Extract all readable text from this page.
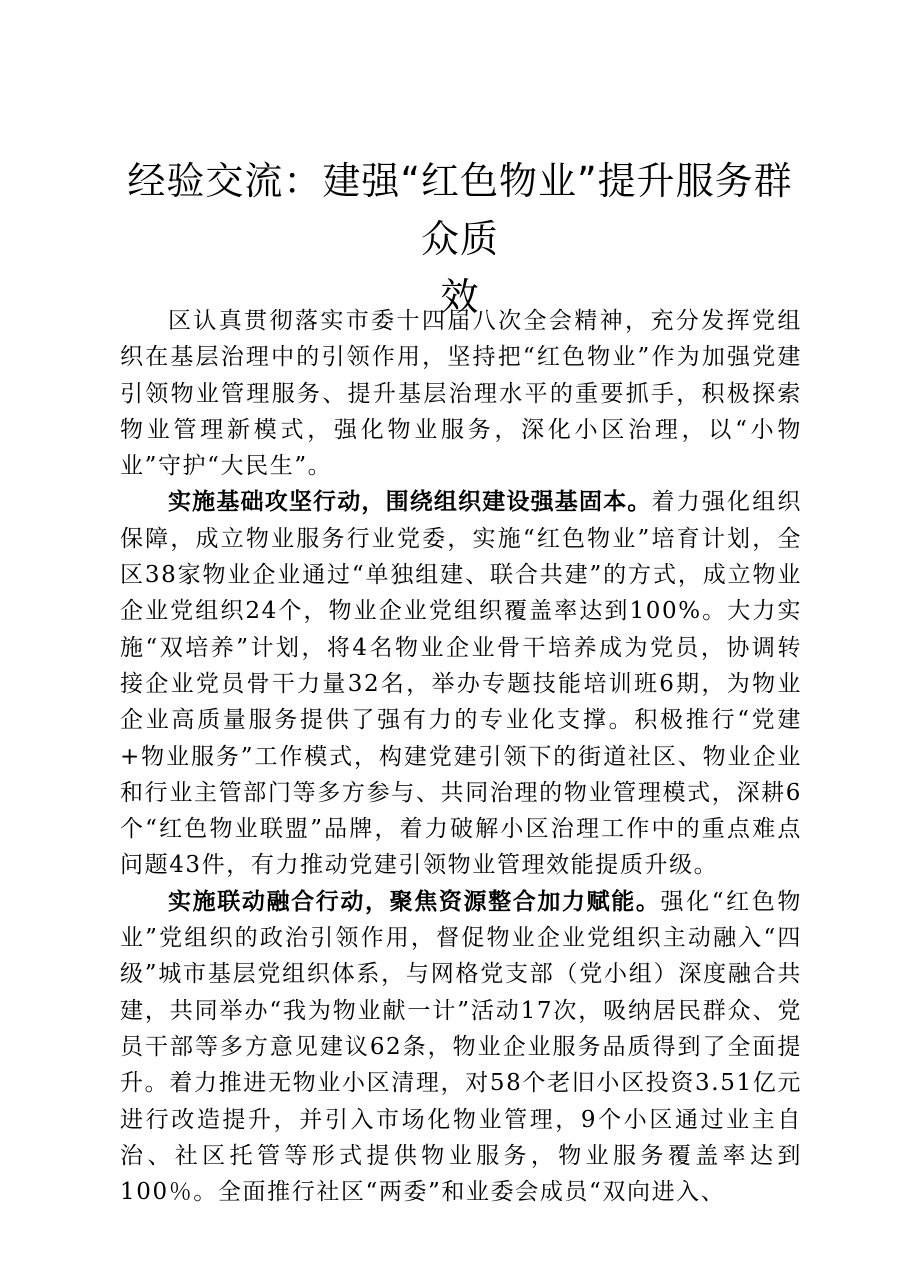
经验交流：建强“红色物业”提升服务群众质
效

区认真贯彻落实市委十四届八次全会精神，充分发挥党组织在基层治理中的引领作用，坚持把“红色物业”作为加强党建引领物业管理服务、提升基层治理水平的重要抓手，积极探索物业管理新模式，强化物业服务，深化小区治理，以“小物业”守护“大民生”。

实施基础攻坚行动，围绕组织建设强基固本。着力强化组织保障，成立物业服务行业党委，实施“红色物业”培育计划，全区38家物业企业通过“单独组建、联合共建”的方式，成立物业企业党组织24个，物业企业党组织覆盖率达到100%。大力实施“双培养”计划，将4名物业企业骨干培养成为党员，协调转接企业党员骨干力量32名，举办专题技能培训班6期，为物业企业高质量服务提供了强有力的专业化支撑。积极推行“党建+物业服务”工作模式，构建党建引领下的街道社区、物业企业和行业主管部门等多方参与、共同治理的物业管理模式，深耕6个“红色物业联盟”品牌，着力破解小区治理工作中的重点难点问题43件，有力推动党建引领物业管理效能提质升级。

实施联动融合行动，聚焦资源整合加力赋能。强化“红色物业”党组织的政治引领作用，督促物业企业党组织主动融入“四级”城市基层党组织体系，与网格党支部（党小组）深度融合共建，共同举办“我为物业献一计”活动17次，吸纳居民群众、党员干部等多方意见建议62条，物业企业服务品质得到了全面提升。着力推进无物业小区清理，对58个老旧小区投资3.51亿元进行改造提升，并引入市场化物业管理，9个小区通过业主自治、社区托管等形式提供物业服务，物业服务覆盖率达到100％。全面推行社区“两委”和业委会成员“双向进入、
